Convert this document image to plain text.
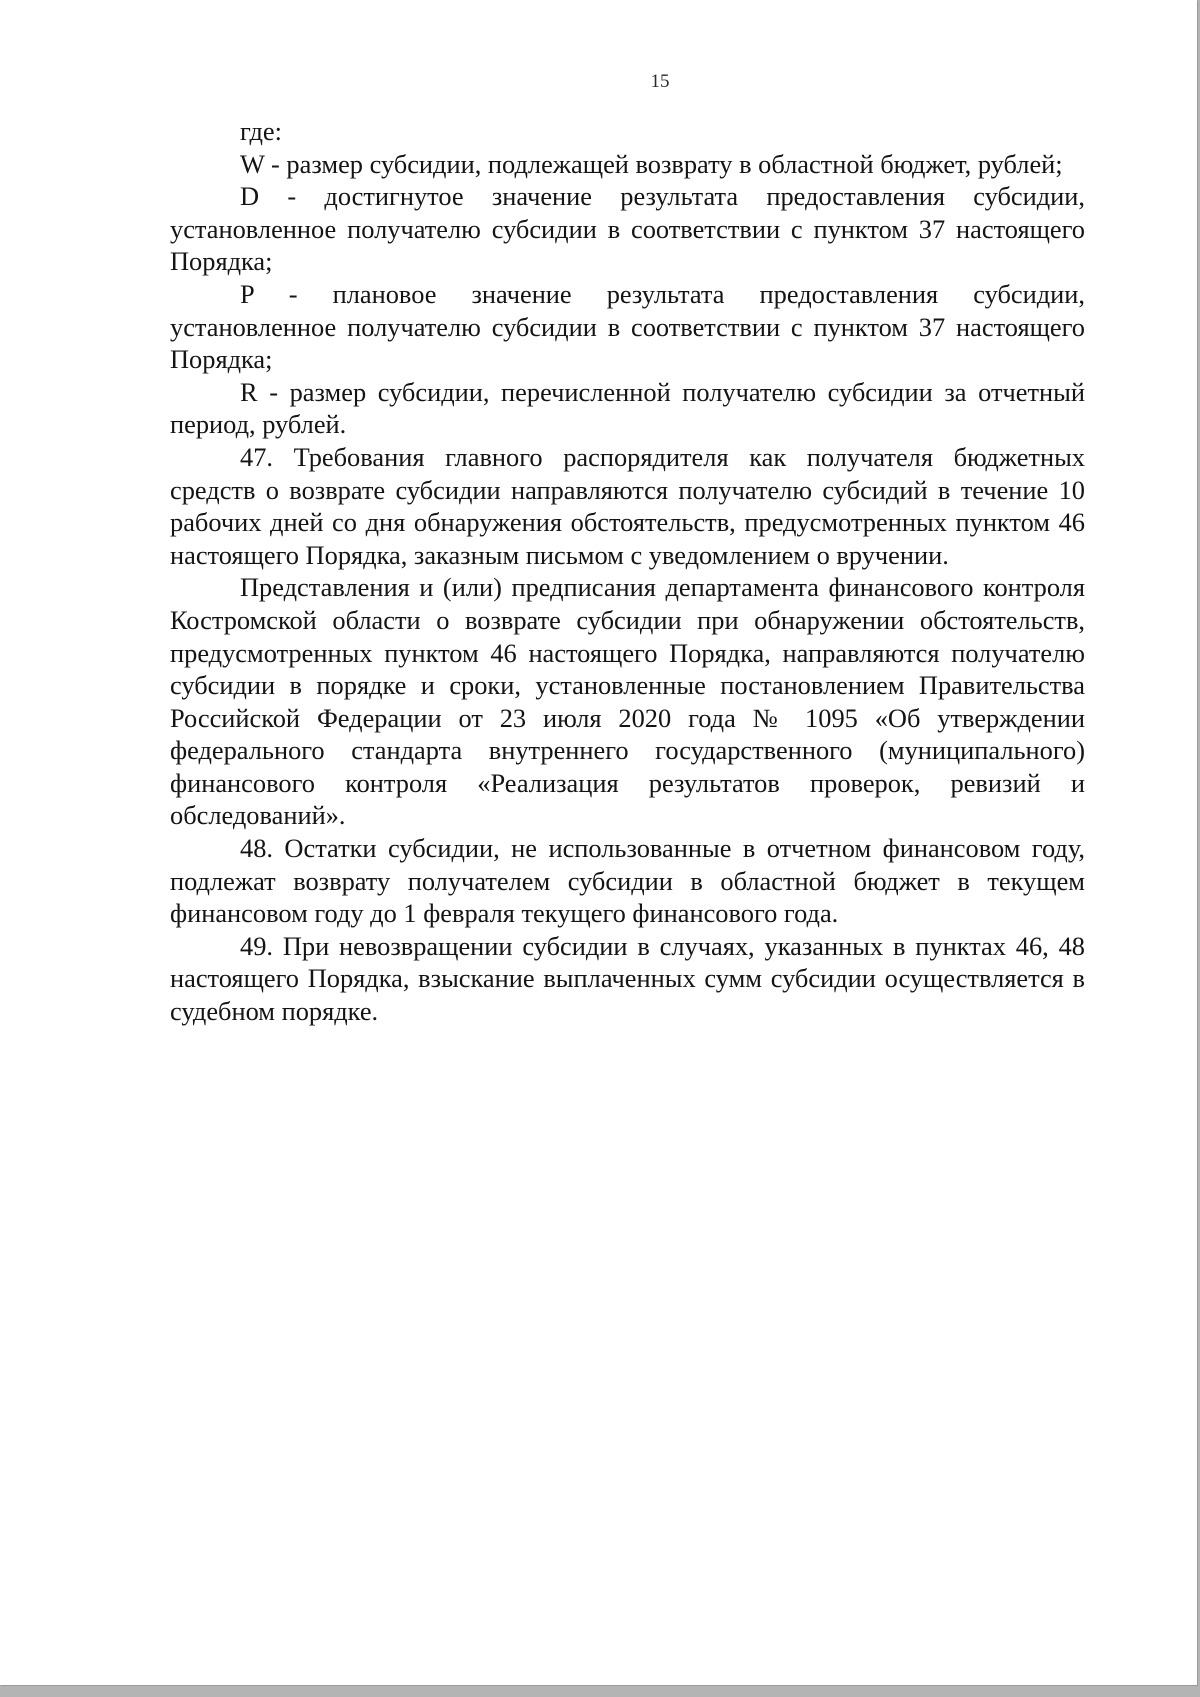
15

где:

W - размер субсидии, подлежащей возврату в областной бюджет, рублей;

D - достигнутое значение результата предоставления субсидии, установленное получателю субсидии в соответствии с пунктом 37 настоящего Порядка;

P - плановое значение результата предоставления субсидии, установленное получателю субсидии в соответствии с пунктом 37 настоящего Порядка;

R - размер субсидии, перечисленной получателю субсидии за отчетный период, рублей.

47. Требования главного распорядителя как получателя бюджетных средств о возврате субсидии направляются получателю субсидий в течение 10 рабочих дней со дня обнаружения обстоятельств, предусмотренных пунктом 46 настоящего Порядка, заказным письмом с уведомлением о вручении.

Представления и (или) предписания департамента финансового контроля Костромской области о возврате субсидии при обнаружении обстоятельств, предусмотренных пунктом 46 настоящего Порядка, направляются получателю субсидии в порядке и сроки, установленные постановлением Правительства Российской Федерации от 23 июля 2020 года № 1095 «Об утверждении федерального стандарта внутреннего государственного (муниципального) финансового контроля «Реализация результатов проверок, ревизий и обследований».

48. Остатки субсидии, не использованные в отчетном финансовом году, подлежат возврату получателем субсидии в областной бюджет в текущем финансовом году до 1 февраля текущего финансового года.

49. При невозвращении субсидии в случаях, указанных в пунктах 46, 48 настоящего Порядка, взыскание выплаченных сумм субсидии осуществляется в судебном порядке.
